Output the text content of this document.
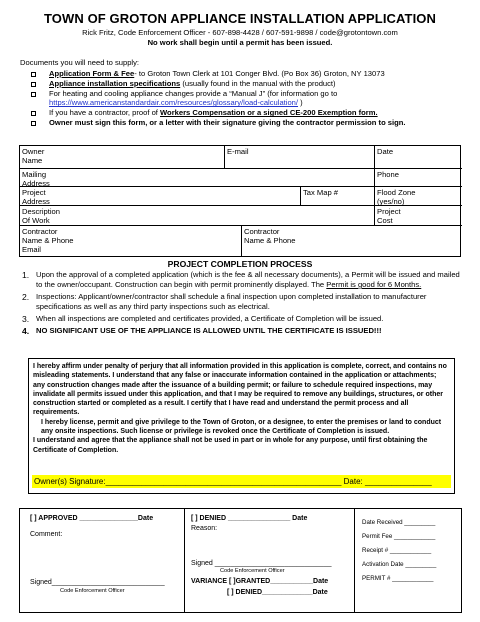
TOWN OF GROTON APPLIANCE INSTALLATION APPLICATION
Rick Fritz, Code Enforcement Officer - 607-898-4428 / 607-591-9898 / code@grotontown.com
No work shall begin until a permit has been issued.
Documents you will need to supply:
Application Form & Fee- to Groton Town Clerk at 101 Conger Blvd. (Po Box 36) Groton, NY 13073
Appliance installation specifications (usually found in the manual with the product)
For heating and cooling appliance changes provide a “Manual J” (for information go to
https://www.americanstandardair.com/resources/glossary/load-calculation/ )
If you have a contractor, proof of Workers Compensation or a signed CE-200 Exemption form.
Owner must sign this form, or a letter with their signature giving the contractor permission to sign.
Owner
Name
E-mail	Date
Mailing
Address
Phone
Project
Address
Tax Map #	Flood Zone
(yes/no)
Description
Of Work
Project
Cost
Contractor
Name & Phone
Email
Contractor
Name & Phone
PROJECT COMPLETION PROCESS
1. Upon the approval of a completed application (which is the fee & all necessary documents), a Permit will be issued and mailed to the owner/occupant. Construction can begin with permit prominently displayed. The Permit is good for 6 Months.
2. Inspections: Applicant/owner/contractor shall schedule a final inspection upon completed installation to manufacturer specifications as well as any third party inspections such as electrical.
3. When all inspections are completed and certificates provided, a Certificate of Completion will be issued.
4. NO SIGNIFICANT USE OF THE APPLIANCE IS ALLOWED UNTIL THE CERTIFICATE IS ISSUED!!!
I hereby affirm under penalty of perjury that all information provided in this application is complete, correct, and contains no misleading statements. I understand that any false or inaccurate information contained in the application or attachments; any construction changes made after the issuance of a building permit; or failure to schedule required inspections, may invalidate all permits issued under this application, and that I may be required to remove any buildings, structures, or other construction started or completed as a result. I certify that I have read and understand the permit process and all requirements.
I hereby license, permit and give privilege to the Town of Groton, or a designee, to enter the premises or land to conduct any onsite inspections. Such license or privilege is revoked once the Certificate of Completion is issued.
I understand and agree that the appliance shall not be used in part or in whole for any purpose, until first obtaining the Certificate of Completion.
Owner(s) Signature:_____________________________________________________ Date: _______________
[ ] APPROVED _______________Date
Comment:
Signed_____________________________
Code Enforcement Officer
[ ] DENIED ________________ Date
Reason:
Signed ______________________________
Code Enforcement Officer
VARIANCE [ ]GRANTED___________Date
[ ] DENIED_____________Date
Date Received _________
Permit Fee ____________
Receipt # ____________
Activation Date _________
PERMIT # ____________
